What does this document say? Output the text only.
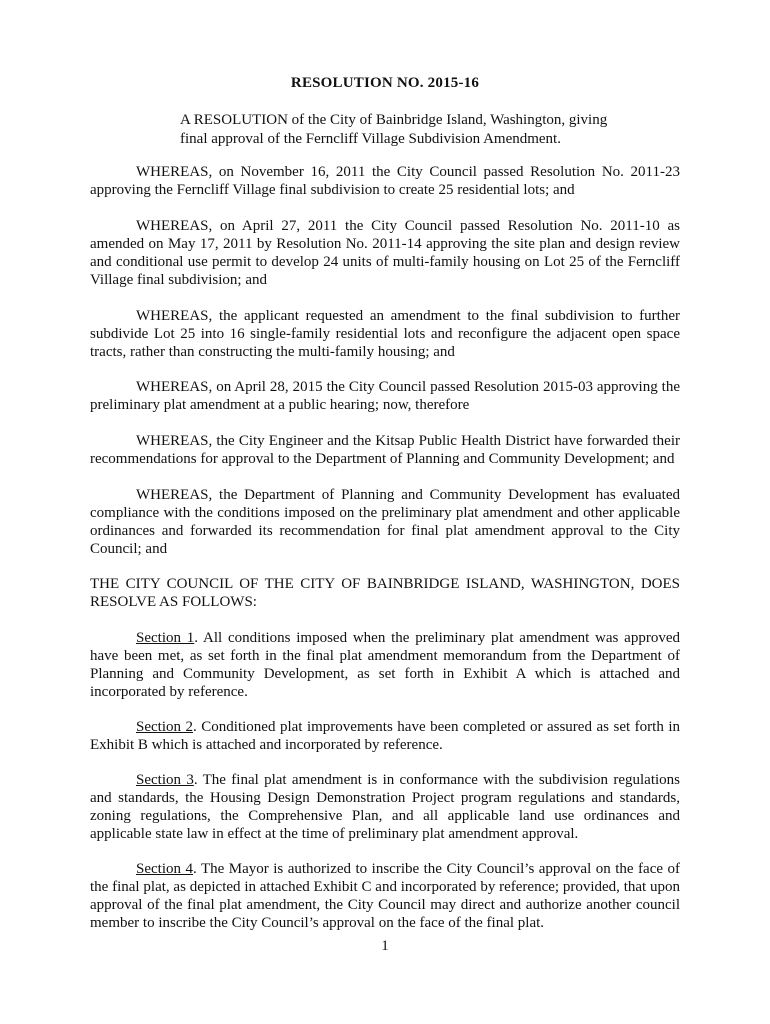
RESOLUTION NO. 2015-16
A RESOLUTION of the City of Bainbridge Island, Washington, giving final approval of the Ferncliff Village Subdivision Amendment.

WHEREAS, on November 16, 2011 the City Council passed Resolution No. 2011-23 approving the Ferncliff Village final subdivision to create 25 residential lots; and

WHEREAS, on April 27, 2011 the City Council passed Resolution No. 2011-10 as amended on May 17, 2011 by Resolution No. 2011-14 approving the site plan and design review and conditional use permit to develop 24 units of multi-family housing on Lot 25 of the Ferncliff Village final subdivision; and

WHEREAS, the applicant requested an amendment to the final subdivision to further subdivide Lot 25 into 16 single-family residential lots and reconfigure the adjacent open space tracts, rather than constructing the multi-family housing; and

WHEREAS, on April 28, 2015 the City Council passed Resolution 2015-03 approving the preliminary plat amendment at a public hearing; now, therefore

WHEREAS, the City Engineer and the Kitsap Public Health District have forwarded their recommendations for approval to the Department of Planning and Community Development; and

WHEREAS, the Department of Planning and Community Development has evaluated compliance with the conditions imposed on the preliminary plat amendment and other applicable ordinances and forwarded its recommendation for final plat amendment approval to the City Council; and

THE CITY COUNCIL OF THE CITY OF BAINBRIDGE ISLAND, WASHINGTON, DOES RESOLVE AS FOLLOWS:

Section 1. All conditions imposed when the preliminary plat amendment was approved have been met, as set forth in the final plat amendment memorandum from the Department of Planning and Community Development, as set forth in Exhibit A which is attached and incorporated by reference.

Section 2. Conditioned plat improvements have been completed or assured as set forth in Exhibit B which is attached and incorporated by reference.

Section 3. The final plat amendment is in conformance with the subdivision regulations and standards, the Housing Design Demonstration Project program regulations and standards, zoning regulations, the Comprehensive Plan, and all applicable land use ordinances and applicable state law in effect at the time of preliminary plat amendment approval.

Section 4. The Mayor is authorized to inscribe the City Council’s approval on the face of the final plat, as depicted in attached Exhibit C and incorporated by reference; provided, that upon approval of the final plat amendment, the City Council may direct and authorize another council member to inscribe the City Council’s approval on the face of the final plat.

1
